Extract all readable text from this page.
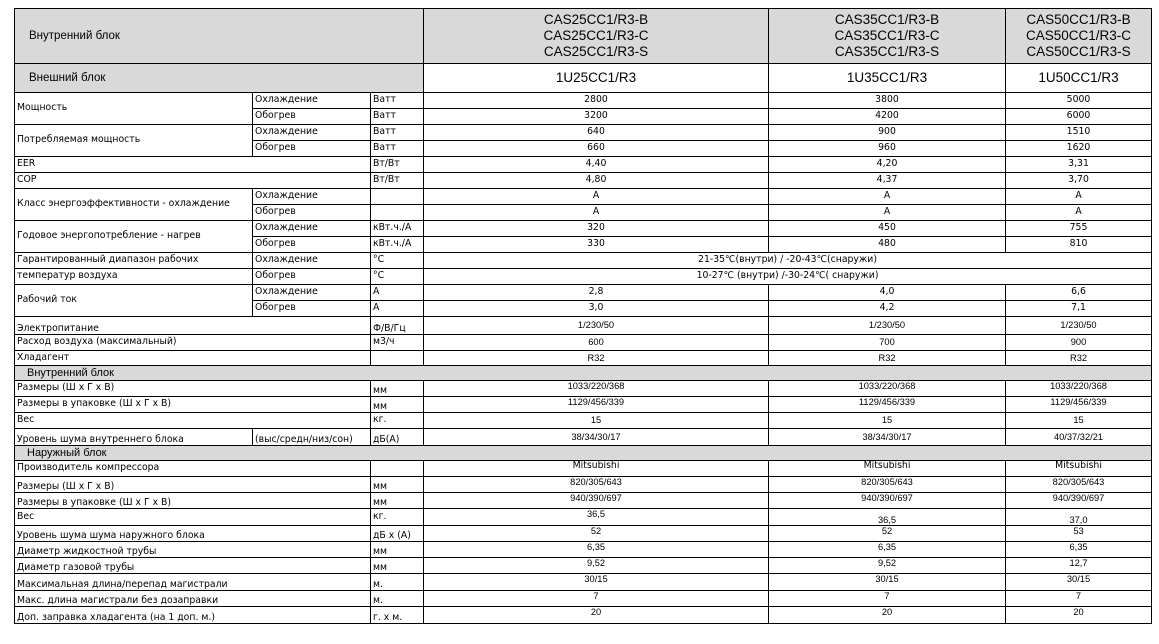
Внутренний блок			CAS25CC1/R3-B
CAS25CC1/R3-C
CAS25CC1/R3-S	CAS35CC1/R3-B
CAS35CC1/R3-C
CAS35CC1/R3-S	CAS50CC1/R3-B
CAS50CC1/R3-C
CAS50CC1/R3-S
Внешний блок			1U25CC1/R3	1U35CC1/R3	1U50CC1/R3
Мощность	Охлаждение	Ватт	2800	3800	5000
	Обогрев	Ватт	3200	4200	6000
Потребляемая мощность	Охлаждение	Ватт	640	900	1510
	Обогрев	Ватт	660	960	1620
EER		Вт/Вт	4,40	4,20	3,31
COP		Вт/Вт	4,80	4,37	3,70
Класс энергоэффективности - охлаждение	Охлаждение		A	A	A
	Обогрев		A	A	A
Годовое энергопотребление - нагрев	Охлаждение	кВт.ч./А	320	450	755
	Обогрев	кВт.ч./А	330	480	810
Гарантированный диапазон рабочих	Охлаждение	°С	21-35℃(внутри) / -20-43℃(снаружи)		
температур воздуха	Обогрев	°С	10-27℃ (внутри) /-30-24℃( снаружи)		
Рабочий ток	Охлаждение	А	2,8	4,0	6,6
	Обогрев	А	3,0	4,2	7,1
Электропитание		Ф/В/Гц	1/230/50	1/230/50	1/230/50
Расход воздуха (максимальный)		м3/ч	600	700	900
Хладагент			R32	R32	R32
Внутренний блок					
Размеры (Ш х Г х В)		мм	1033/220/368	1033/220/368	1033/220/368
Размеры в упаковке (Ш х Г х В)		мм	1129/456/339	1129/456/339	1129/456/339
Вес		кг.	15	15	15
Уровень шума внутреннего блока	(выс/средн/низ/сон)	дБ(А)	38/34/30/17	38/34/30/17	40/37/32/21
Наружный блок					
Производитель компрессора			Mitsubishi	Mitsubishi	Mitsubishi
Размеры (Ш х Г х В)		мм	820/305/643	820/305/643	820/305/643
Размеры в упаковке (Ш х Г х В)		мм	940/390/697	940/390/697	940/390/697
Вес		кг.	36,5	36,5	37,0
Уровень шума шума наружного блока		дБ х (А)	52	52	53
Диаметр жидкостной трубы		мм	6,35	6,35	6,35
Диаметр газовой трубы		мм	9,52	9,52	12,7
Максимальная длина/перепад магистрали		м.	30/15	30/15	30/15
Макс. длина магистрали без дозаправки		м.	7	7	7
Доп. заправка хладагента (на 1 доп. м.)		г. х м.	20	20	20
